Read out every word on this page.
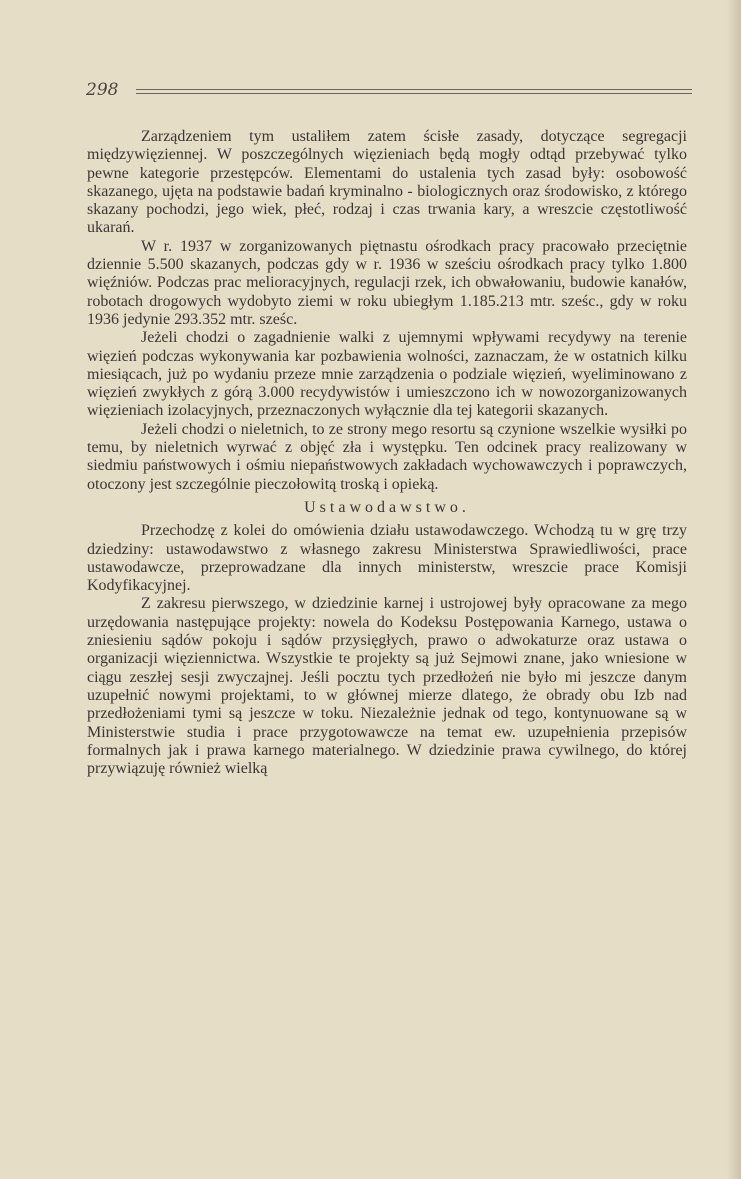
298

Zarządzeniem tym ustaliłem zatem ścisłe zasady, dotyczące segregacji międzywięziennej. W poszczególnych więzieniach będą mogły odtąd przebywać tylko pewne kategorie przestępców. Elementami do ustalenia tych zasad były: osobowość skazanego, ujęta na podstawie badań kryminalno - biologicznych oraz środowisko, z którego skazany pochodzi, jego wiek, płeć, rodzaj i czas trwania kary, a wreszcie częstotliwość ukarań.

W r. 1937 w zorganizowanych piętnastu ośrodkach pracy pracowało przeciętnie dziennie 5.500 skazanych, podczas gdy w r. 1936 w sześciu ośrodkach pracy tylko 1.800 więźniów. Podczas prac melioracyjnych, regulacji rzek, ich obwałowaniu, budowie kanałów, robotach drogowych wydobyto ziemi w roku ubiegłym 1.185.213 mtr. sześc., gdy w roku 1936 jedynie 293.352 mtr. sześc.

Jeżeli chodzi o zagadnienie walki z ujemnymi wpływami recydywy na terenie więzień podczas wykonywania kar pozbawienia wolności, zaznaczam, że w ostatnich kilku miesiącach, już po wydaniu przeze mnie zarządzenia o podziale więzień, wyeliminowano z więzień zwykłych z górą 3.000 recydywistów i umieszczono ich w nowozorganizowanych więzieniach izolacyjnych, przeznaczonych wyłącznie dla tej kategorii skazanych.

Jeżeli chodzi o nieletnich, to ze strony mego resortu są czynione wszelkie wysiłki po temu, by nieletnich wyrwać z objęć zła i występku. Ten odcinek pracy realizowany w siedmiu państwowych i ośmiu niepaństwowych zakładach wychowawczych i poprawczych, otoczony jest szczególnie pieczołowitą troską i opieką.

Ustawodawstwo.

Przechodzę z kolei do omówienia działu ustawodawczego. Wchodzą tu w grę trzy dziedziny: ustawodawstwo z własnego zakresu Ministerstwa Sprawiedliwości, prace ustawodawcze, przeprowadzane dla innych ministerstw, wreszcie prace Komisji Kodyfikacyjnej.

Z zakresu pierwszego, w dziedzinie karnej i ustrojowej były opracowane za mego urzędowania następujące projekty: nowela do Kodeksu Postępowania Karnego, ustawa o zniesieniu sądów pokoju i sądów przysięgłych, prawo o adwokaturze oraz ustawa o organizacji więziennictwa. Wszystkie te projekty są już Sejmowi znane, jako wniesione w ciągu zeszłej sesji zwyczajnej. Jeśli pocztu tych przedłożeń nie było mi jeszcze danym uzupełnić nowymi projektami, to w głównej mierze dlatego, że obrady obu Izb nad przedłożeniami tymi są jeszcze w toku. Niezależnie jednak od tego, kontynuowane są w Ministerstwie studia i prace przygotowawcze na temat ew. uzupełnienia przepisów formalnych jak i prawa karnego materialnego. W dziedzinie prawa cywilnego, do której przywiązuję również wielką
